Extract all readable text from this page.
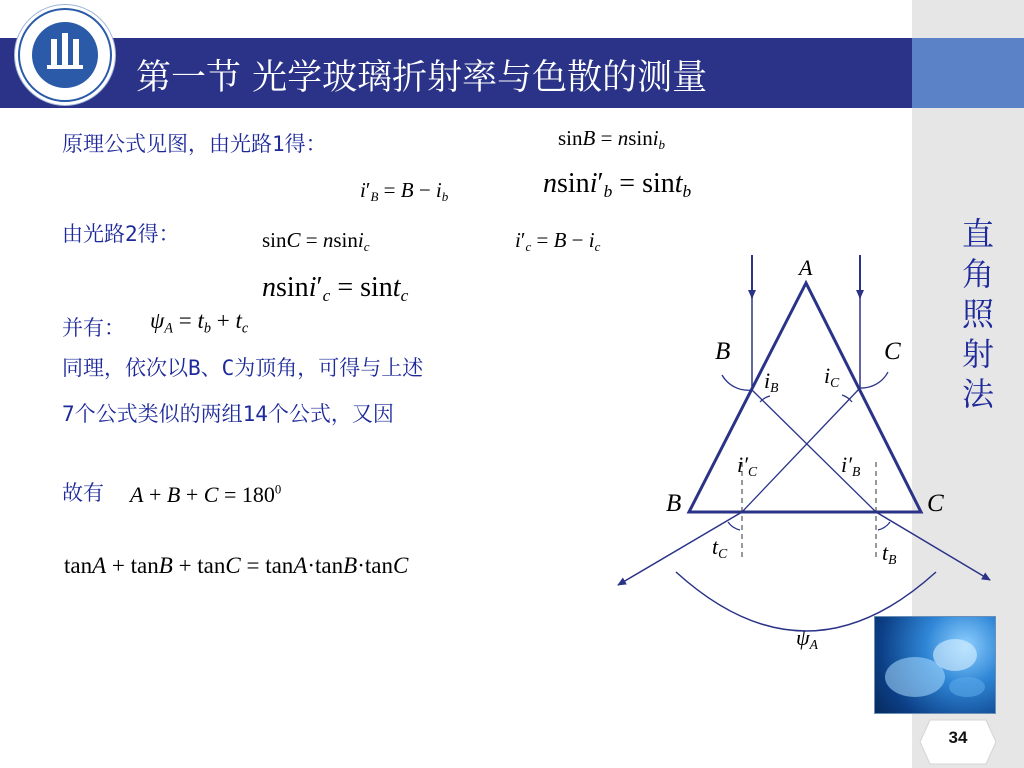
1958	第一节 光学玻璃折射率与色散的测量
原理公式见图，由光路1得：
由光路2得：
并有：
同理，依次以B、C为顶角，可得与上述
7个公式类似的两组14个公式，又因
故有
直角照射法
sinB = nsini$_b$
$i'_B = B - i_b$	$nsini'_b = \sin t_b$
sinC = nsini$_c$	$i'_c = B - i_c$
$nsini'_c = \sin t_c$
$\psi_A = t_b + t_c$
$A + B + C = 180^0$
tanA + tanB + tanC = tanA·tanB·tanC
A
B	C
B	C
$i_B$ $i_C$
$i'_C$	$i'_B$
$t_C$	$t_B$
$\psi_A$
34
